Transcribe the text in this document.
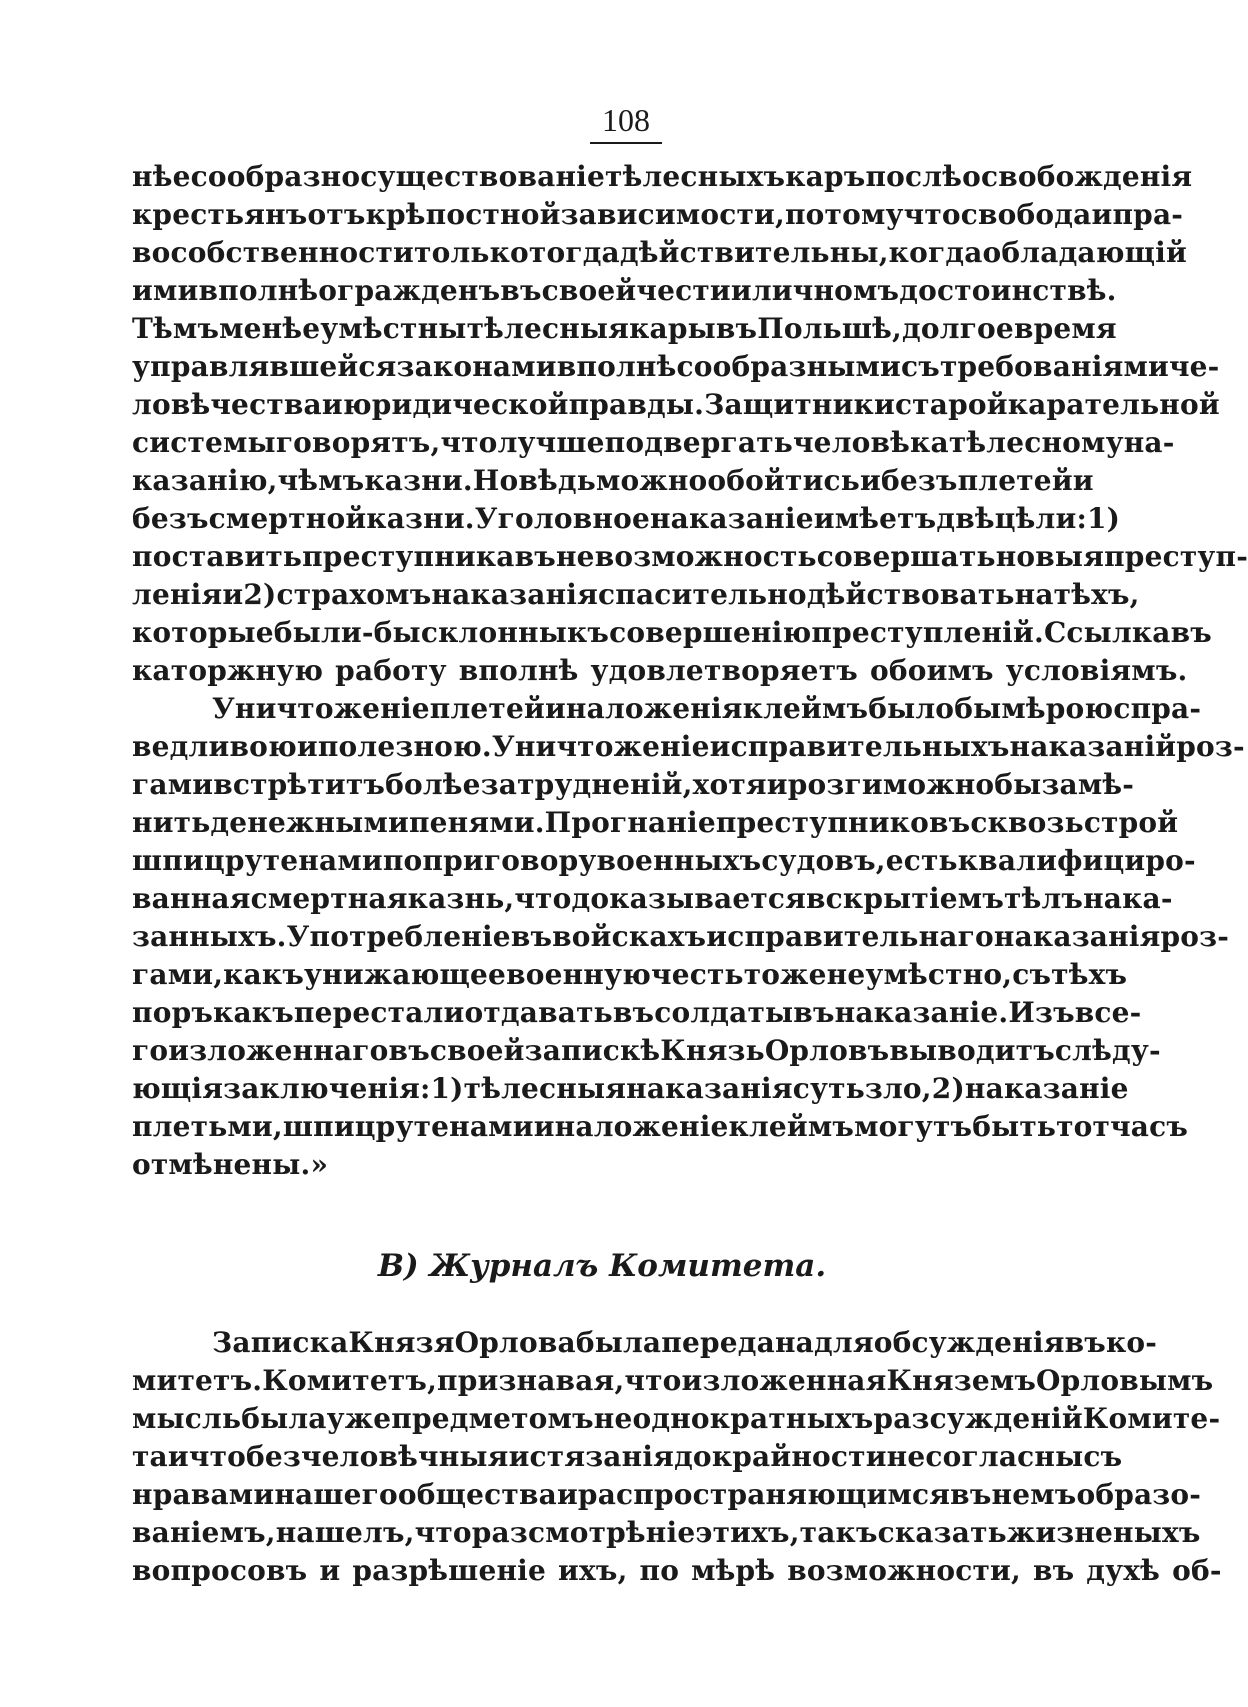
108
нѣе сообразно существованіе тѣлесныхъ каръ послѣ освобожденія
крестьянъ отъ крѣпостной зависимости, потому что свобода и пра-
во собственности только тогда дѣйствительны, когда обладающій
ими вполнѣ огражденъ въ своей чести и личномъ достоинствѣ.
Тѣмъ менѣе умѣстны тѣлесныя кары въ Польшѣ, долгое время
управлявшейся законами вполнѣ сообразными съ требованіями че-
ловѣчества и юридической правды. Защитники старой карательной
системы говорятъ, что лучше подвергать человѣка тѣлесному на-
казанію, чѣмъ казни. Но вѣдь можно обойтись и безъ плетей и
безъ смертной казни. Уголовное наказаніе имѣетъ двѣ цѣли: 1)
поставить преступника въ не возможность совершать новыя преступ-
ленія и 2) страхомъ наказанія спасительно дѣйствовать на тѣхъ,
которые были-бы склонны къ совершенію преступленій. Ссылка въ
каторжную работу вполнѣ удовлетворяетъ обоимъ условіямъ.
Уничтоженіе плетей и наложенія клеймъ было бы мѣрою спра-
ведливою и полезною. Уничтоженіе исправительныхъ наказаній роз-
гами встрѣтитъ болѣе затрудненій, хотя и розги можно бы замѣ-
нить денежными пенями. Прогнаніе преступниковъ сквозь строй
шпицрутенами по приговору военныхъ судовъ, есть квалифициро-
ванная смертная казнь, что доказывается вскрытіемъ тѣлъ нака-
занныхъ. Употребленіе въ войскахъ исправительнаго наказанія роз-
гами, какъ унижающее военную честь тоже неумѣстно, съ тѣхъ
поръ какъ перестали отдавать въ солдаты въ наказаніе. Изъ все-
го изложеннаго въ своей запискѣ Князь Орловъ выводитъ слѣду-
ющія заключенія: 1) тѣлесныя наказанія суть зло, 2) наказаніе
плетьми, шпицрутенами и наложеніе клеймъ могутъ быть тотчасъ
отмѣнены.»
В) Журналъ Комитета.
Записка Князя Орлова была передана для обсужденія въ ко-
митетъ. Комитетъ, признавая, что изложенная Княземъ Орловымъ
мысль была уже предметомъ неоднократныхъ разсужденій Комите-
та и что безчеловѣчныя истязанія до крайности не согласны съ
нравами нашего общества и распространяющимся въ немъ образо-
ваніемъ, нашелъ, что разсмотрѣніе этихъ, такъ сказать жизненыхъ
вопросовъ и разрѣшеніе ихъ, по мѣрѣ возможности, въ духѣ об-
